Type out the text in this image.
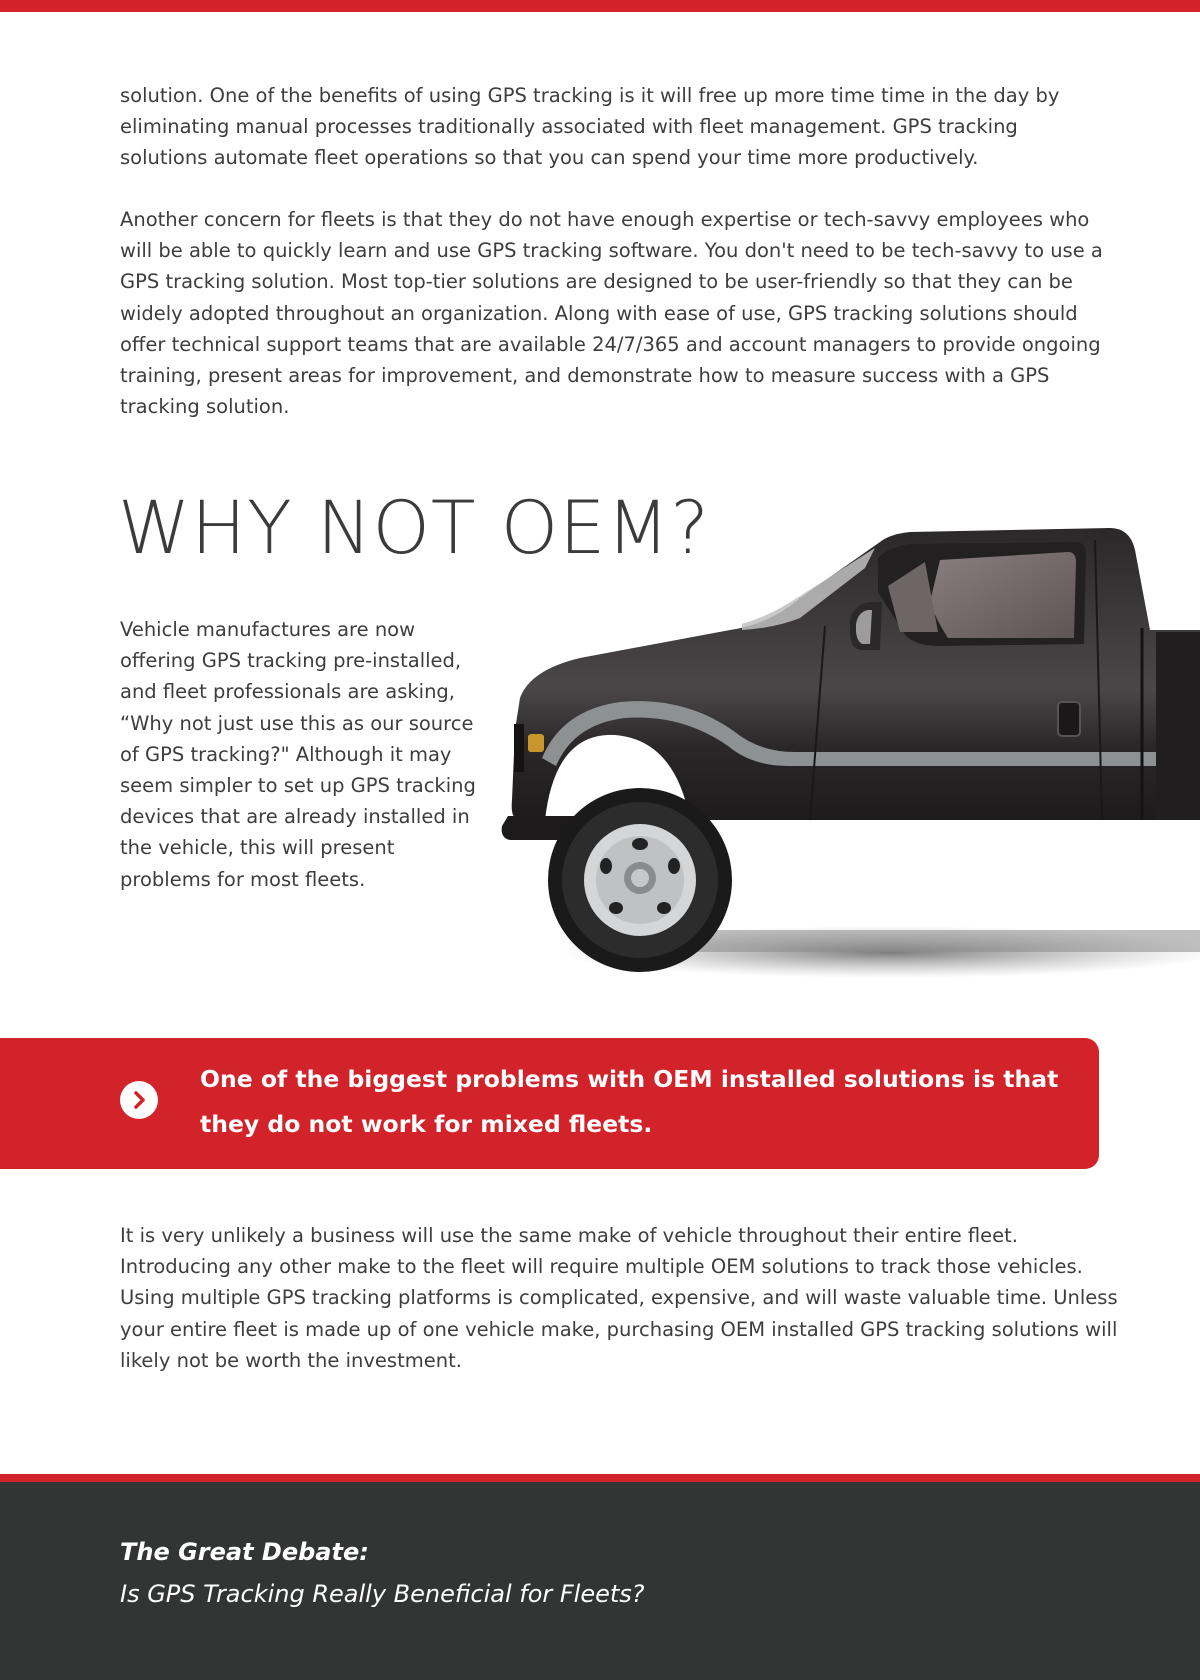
solution. One of the benefits of using GPS tracking is it will free up more time time in the day by eliminating manual processes traditionally associated with fleet management. GPS tracking solutions automate fleet operations so that you can spend your time more productively.

Another concern for fleets is that they do not have enough expertise or tech-savvy employees who will be able to quickly learn and use GPS tracking software. You don't need to be tech-savvy to use a GPS tracking solution. Most top-tier solutions are designed to be user-friendly so that they can be widely adopted throughout an organization. Along with ease of use, GPS tracking solutions should offer technical support teams that are available 24/7/365 and account managers to provide ongoing training, present areas for improvement, and demonstrate how to measure success with a GPS tracking solution.

WHY NOT OEM?

Vehicle manufactures are now offering GPS tracking pre-installed, and fleet professionals are asking, “Why not just use this as our source of GPS tracking?" Although it may seem simpler to set up GPS tracking devices that are already installed in the vehicle, this will present problems for most fleets.

One of the biggest problems with OEM installed solutions is that they do not work for mixed fleets.

It is very unlikely a business will use the same make of vehicle throughout their entire fleet. Introducing any other make to the fleet will require multiple OEM solutions to track those vehicles. Using multiple GPS tracking platforms is complicated, expensive, and will waste valuable time. Unless your entire fleet is made up of one vehicle make, purchasing OEM installed GPS tracking solutions will likely not be worth the investment.

The Great Debate:

Is GPS Tracking Really Beneficial for Fleets?
